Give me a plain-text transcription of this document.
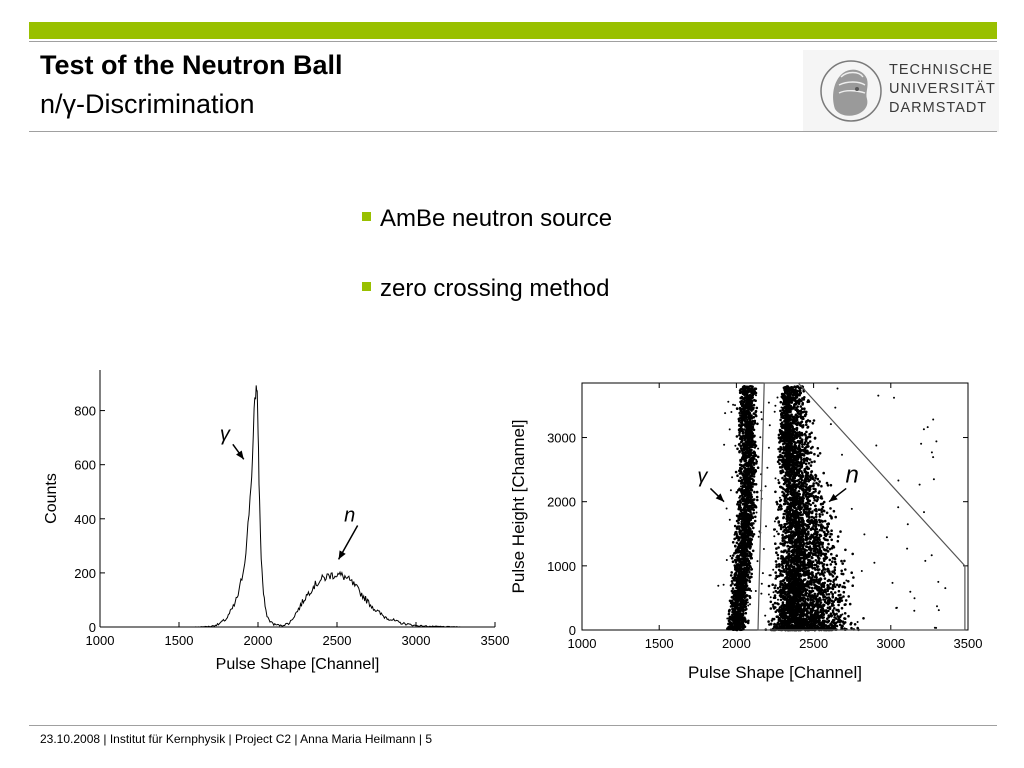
Test of the Neutron Ball
n/γ-Discrimination
TECHNISCHE
UNIVERSITÄT
DARMSTADT
AmBe neutron source
zero crossing method
0
200
400
600
800
1000	1500	2000	2500	3000	3500
Pulse Shape [Channel]
Counts
γ
n
0
1000
2000
3000
1000	1500	2000	2500	3000	3500
Pulse Shape [Channel]
Pulse Height [Channel]	γ	n
23.10.2008 | Institut für Kernphysik | Project C2 | Anna Maria Heilmann | 5
